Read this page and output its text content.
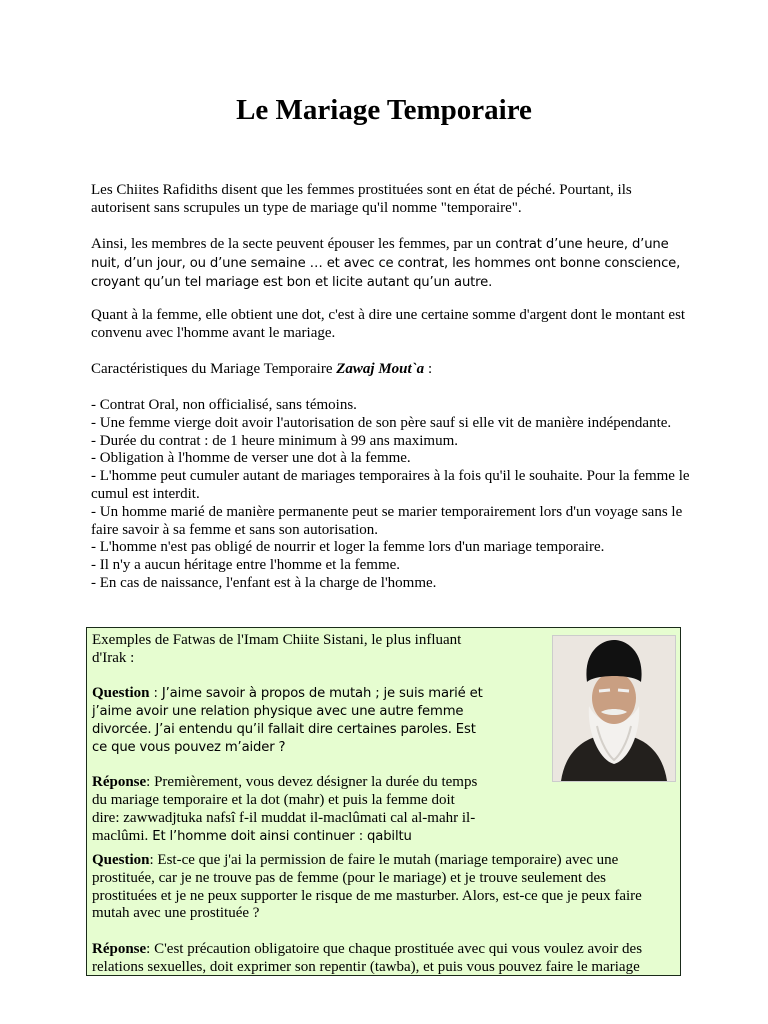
Le Mariage Temporaire

Les Chiites Rafidiths disent que les femmes prostituées sont en état de péché. Pourtant, ils autorisent sans scrupules un type de mariage qu'il nomme "temporaire".

Ainsi, les membres de la secte peuvent épouser les femmes, par un contrat d’une heure, d’une nuit, d’un jour, ou d’une semaine … et avec ce contrat, les hommes ont bonne conscience, croyant qu’un tel mariage est bon et licite autant qu’un autre.

Quant à la femme, elle obtient une dot, c'est à dire une certaine somme d'argent dont le montant est convenu avec l'homme avant le mariage.

Caractéristiques du Mariage Temporaire Zawaj Mout`a :

- Contrat Oral, non officialisé, sans témoins.
- Une femme vierge doit avoir l'autorisation de son père sauf si elle vit de manière indépendante.
- Durée du contrat : de 1 heure minimum à 99 ans maximum.
- Obligation à l'homme de verser une dot à la femme.
- L'homme peut cumuler autant de mariages temporaires à la fois qu'il le souhaite. Pour la femme le cumul est interdit.
- Un homme marié de manière permanente peut se marier temporairement lors d'un voyage sans le faire savoir à sa femme et sans son autorisation.
- L'homme n'est pas obligé de nourrir et loger la femme lors d'un mariage temporaire.
- Il n'y a aucun héritage entre l'homme et la femme.
- En cas de naissance, l'enfant est à la charge de l'homme.

Exemples de Fatwas de l'Imam Chiite Sistani, le plus influant d'Irak :

Question : J’aime savoir à propos de mutah ; je suis marié et j’aime avoir une relation physique avec une autre femme divorcée. J’ai entendu qu’il fallait dire certaines paroles. Est ce que vous pouvez m’aider ?

Réponse: Premièrement, vous devez désigner la durée du temps du mariage temporaire et la dot (mahr) et puis la femme doit dire: zawwadjtuka nafsî f-il muddat il-maclûmati cal al-mahr il-maclûmi. Et l’homme doit ainsi continuer : qabiltu

Question: Est-ce que j'ai la permission de faire le mutah (mariage temporaire) avec une prostituée, car je ne trouve pas de femme (pour le mariage) et je trouve seulement des prostituées et je ne peux supporter le risque de me masturber. Alors, est-ce que je peux faire mutah avec une prostituée ?

Réponse: C'est précaution obligatoire que chaque prostituée avec qui vous voulez avoir des relations sexuelles, doit exprimer son repentir (tawba), et puis vous pouvez faire le mariage
